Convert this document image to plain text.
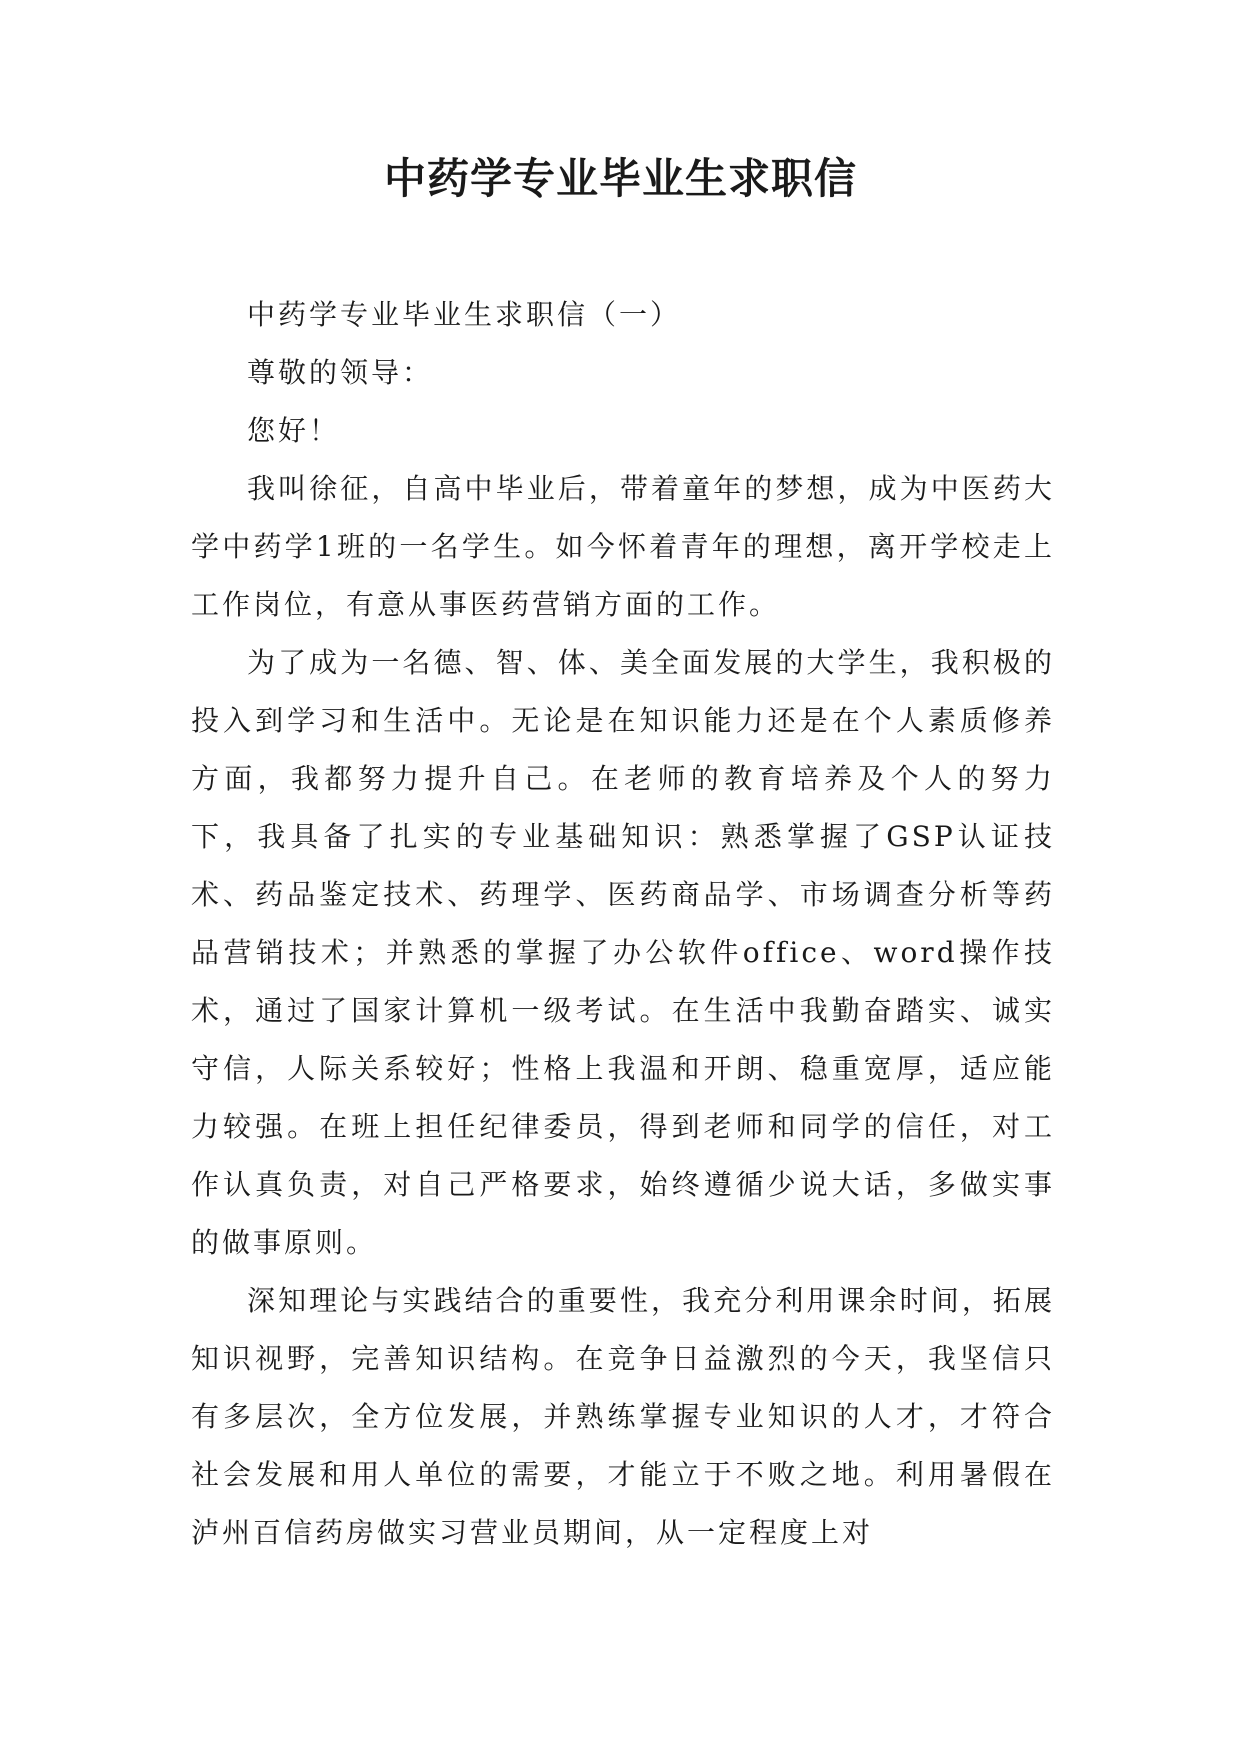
中药学专业毕业生求职信

中药学专业毕业生求职信（一）

尊敬的领导：

您好！

我叫徐征，自高中毕业后，带着童年的梦想，成为中医药大学中药学1班的一名学生。如今怀着青年的理想，离开学校走上工作岗位，有意从事医药营销方面的工作。

为了成为一名德、智、体、美全面发展的大学生，我积极的投入到学习和生活中。无论是在知识能力还是在个人素质修养方面，我都努力提升自己。在老师的教育培养及个人的努力下，我具备了扎实的专业基础知识：熟悉掌握了GSP认证技术、药品鉴定技术、药理学、医药商品学、市场调查分析等药品营销技术；并熟悉的掌握了办公软件office、word操作技术，通过了国家计算机一级考试。在生活中我勤奋踏实、诚实守信，人际关系较好；性格上我温和开朗、稳重宽厚，适应能力较强。在班上担任纪律委员，得到老师和同学的信任，对工作认真负责，对自己严格要求，始终遵循少说大话，多做实事的做事原则。

深知理论与实践结合的重要性，我充分利用课余时间，拓展知识视野，完善知识结构。在竞争日益激烈的今天，我坚信只有多层次，全方位发展，并熟练掌握专业知识的人才，才符合社会发展和用人单位的需要，才能立于不败之地。利用暑假在泸州百信药房做实习营业员期间，从一定程度上对
